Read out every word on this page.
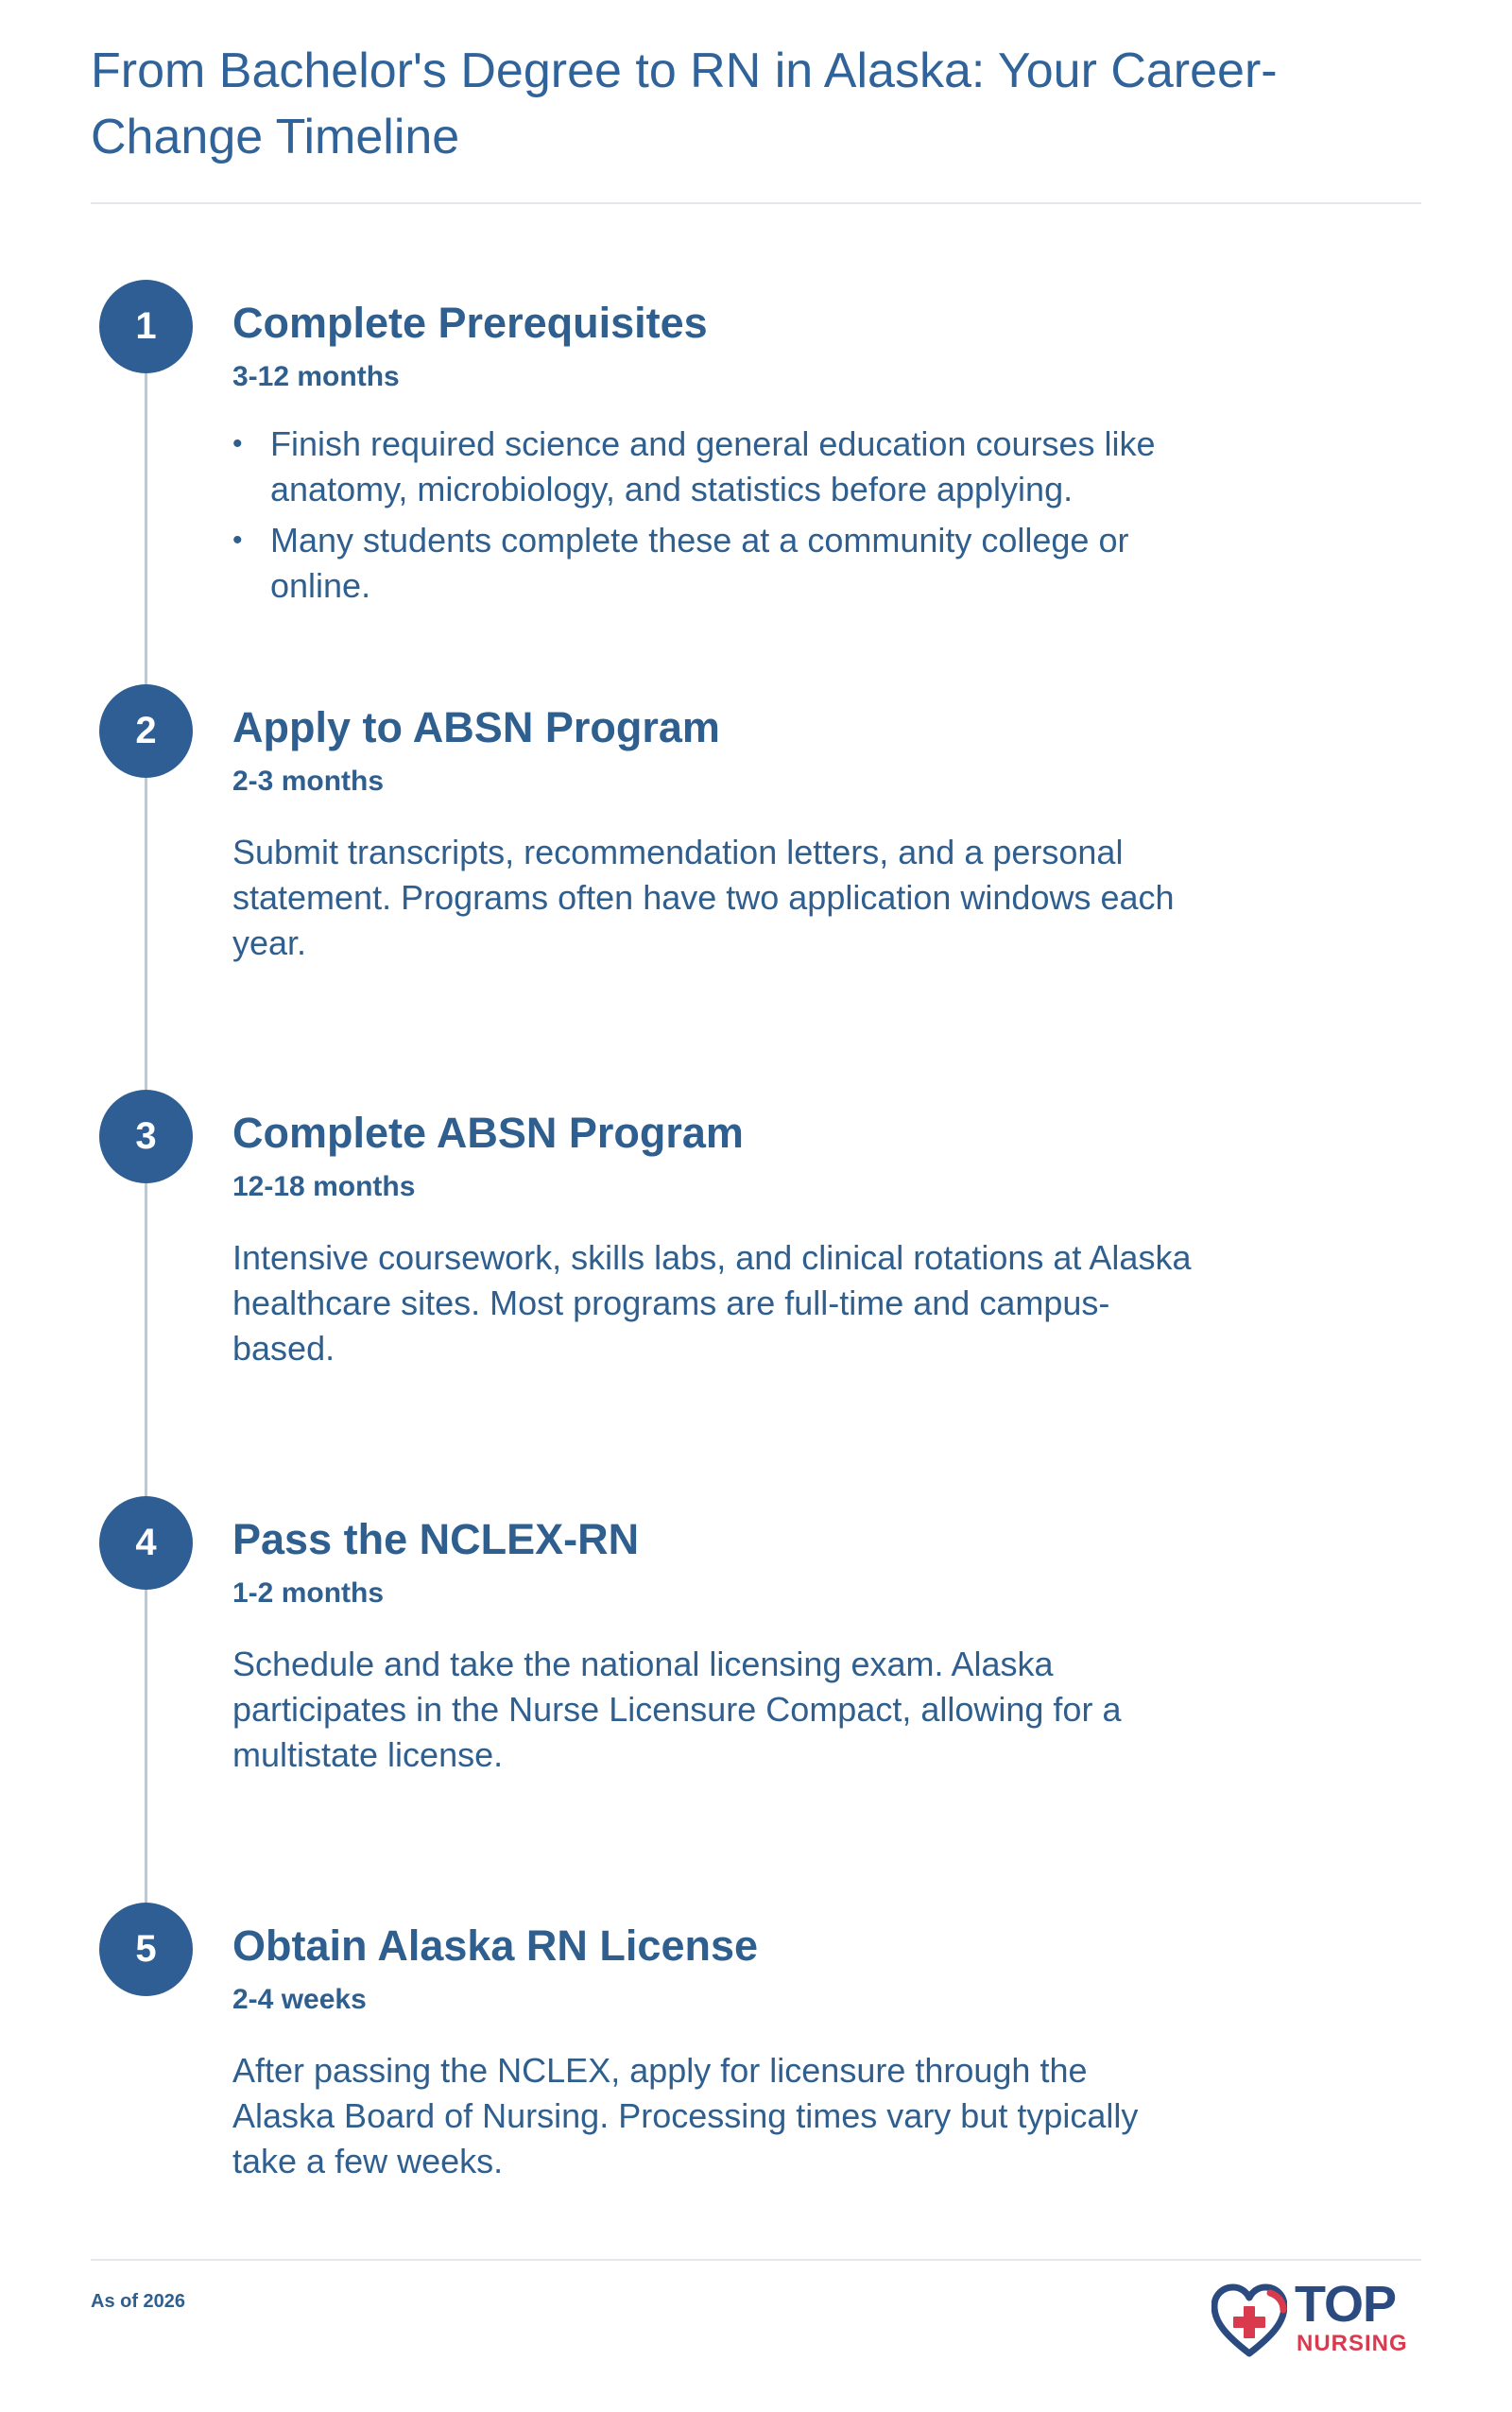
From Bachelor's Degree to RN in Alaska: Your Career-Change Timeline
1	Complete Prerequisites
3-12 months
• Finish required science and general education courses like anatomy, microbiology, and statistics before applying.
• Many students complete these at a community college or online.
2	Apply to ABSN Program
2-3 months

Submit transcripts, recommendation letters, and a personal statement. Programs often have two application windows each year.

3	Complete ABSN Program
12-18 months

Intensive coursework, skills labs, and clinical rotations at Alaska healthcare sites. Most programs are full-time and campus-based.

4	Pass the NCLEX-RN
1-2 months

Schedule and take the national licensing exam. Alaska participates in the Nurse Licensure Compact, allowing for a multistate license.

5	Obtain Alaska RN License
2-4 weeks

After passing the NCLEX, apply for licensure through the Alaska Board of Nursing. Processing times vary but typically take a few weeks.

As of 2026	TOP
NURSING
